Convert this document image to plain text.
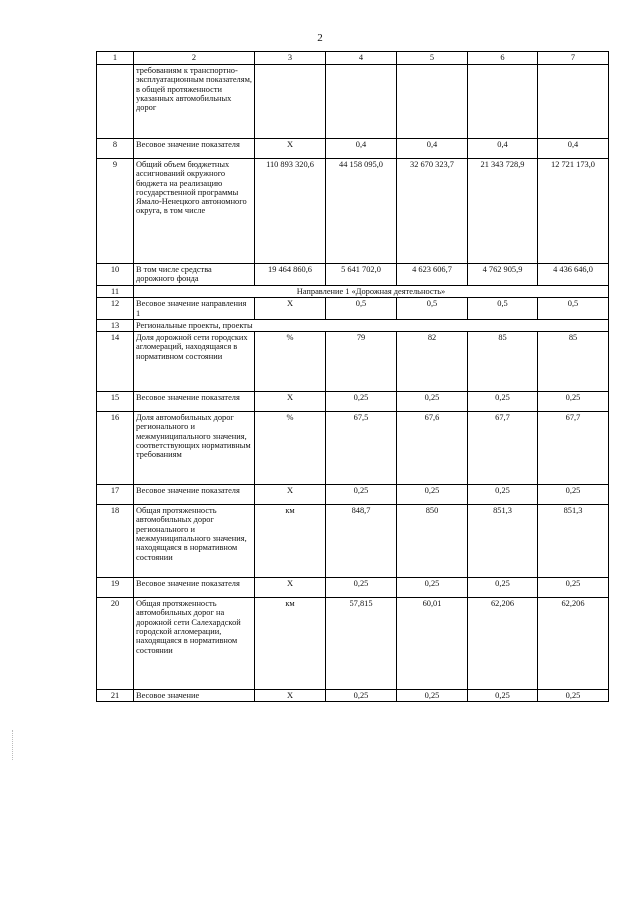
2
1	2	3	4	5	6	7
	требованиям к транспортно-эксплуатационным показателям, в общей протяженности указанных автомобильных дорог					
8	Весовое значение показателя	Х	0,4	0,4	0,4	0,4
9	Общий объем бюджетных ассигнований окружного бюджета на реализацию государственной программы Ямало-Ненецкого автономного округа, в том числе	110 893 320,6	44 158 095,0	32 670 323,7	21 343 728,9	12 721 173,0
10	В том числе средства дорожного фонда	19 464 860,6	5 641 702,0	4 623 606,7	4 762 905,9	4 436 646,0
11	Направление 1 «Дорожная деятельность»					
12	Весовое значение направления 1	Х	0,5	0,5	0,5	0,5
13	Региональные проекты, проекты					
14	Доля дорожной сети городских агломераций, находящаяся в нормативном состоянии	%	79	82	85	85
15	Весовое значение показателя	Х	0,25	0,25	0,25	0,25
16	Доля автомобильных дорог регионального и межмуниципального значения, соответствующих нормативным требованиям	%	67,5	67,6	67,7	67,7
17	Весовое значение показателя	Х	0,25	0,25	0,25	0,25
18	Общая протяженность автомобильных дорог регионального и межмуниципального значения, находящаяся в нормативном состоянии	км	848,7	850	851,3	851,3
19	Весовое значение показателя	Х	0,25	0,25	0,25	0,25
20	Общая протяженность автомобильных дорог на дорожной сети Салехардской городской агломерации, находящаяся в нормативном состоянии	км	57,815	60,01	62,206	62,206
21	Весовое значение	Х	0,25	0,25	0,25	0,25
